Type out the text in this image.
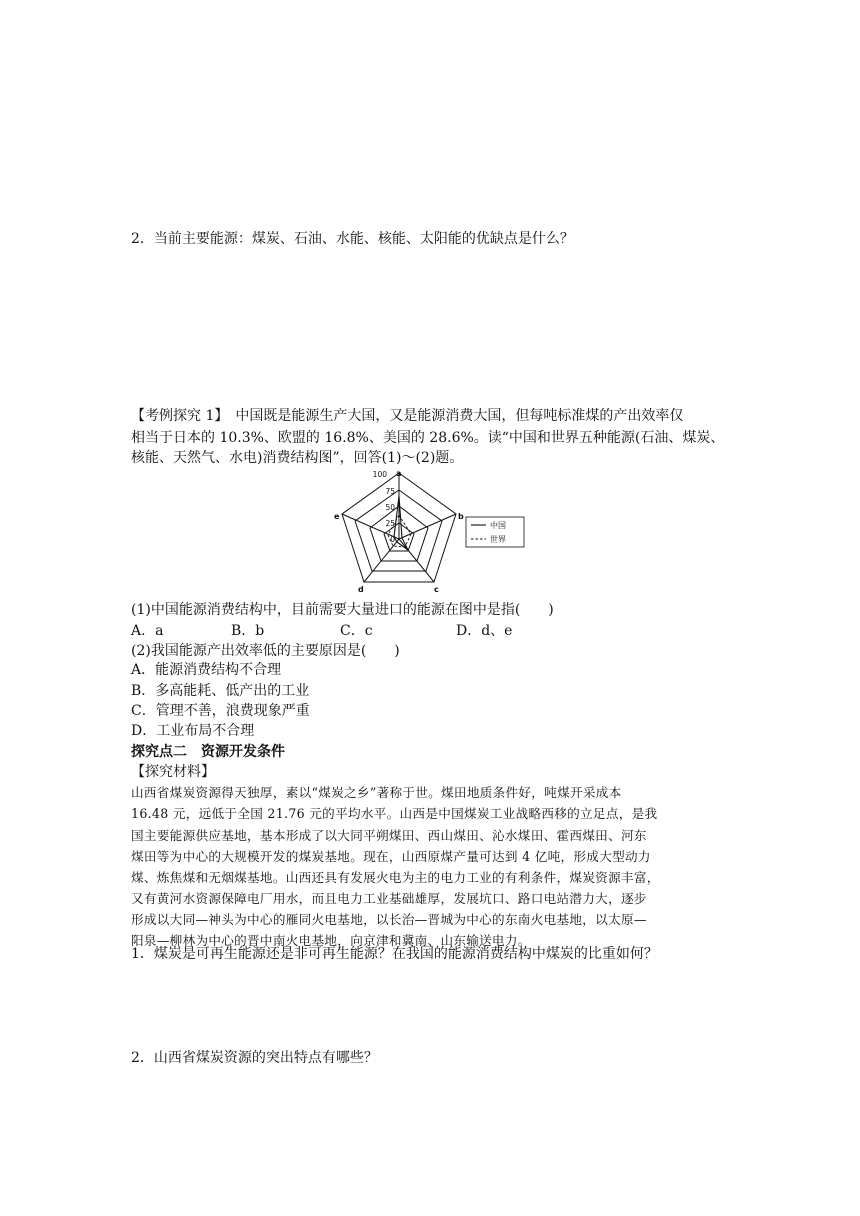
2．当前主要能源：煤炭、石油、水能、核能、太阳能的优缺点是什么？
【考例探究 1】　中国既是能源生产大国，又是能源消费大国，但每吨标准煤的产出效率仅
相当于日本的 10.3%、欧盟的 16.8%、美国的 28.6%。读“中国和世界五种能源(石油、煤炭、
核能、天然气、水电)消费结构图”，回答(1)～(2)题。
100
75
50
25
0
a
b
c
d
e
中国
世界
(1)中国能源消费结构中，目前需要大量进口的能源在图中是指(　　)
A．a	B．b	C．c	D．d、e
(2)我国能源产出效率低的主要原因是(　　)
A．能源消费结构不合理
B．多高能耗、低产出的工业
C．管理不善，浪费现象严重
D．工业布局不合理
探究点二　资源开发条件
【探究材料】
山西省煤炭资源得天独厚，素以“煤炭之乡”著称于世。煤田地质条件好，吨煤开采成本
16.48 元，远低于全国 21.76 元的平均水平。山西是中国煤炭工业战略西移的立足点，是我
国主要能源供应基地，基本形成了以大同平朔煤田、西山煤田、沁水煤田、霍西煤田、河东
煤田等为中心的大规模开发的煤炭基地。现在，山西原煤产量可达到 4 亿吨，形成大型动力
煤、炼焦煤和无烟煤基地。山西还具有发展火电为主的电力工业的有利条件，煤炭资源丰富，
又有黄河水资源保障电厂用水，而且电力工业基础雄厚，发展坑口、路口电站潜力大，逐步
形成以大同—神头为中心的雁同火电基地，以长治—晋城为中心的东南火电基地，以太原—
阳泉—柳林为中心的晋中南火电基地，向京津和冀南、山东输送电力。
1．煤炭是可再生能源还是非可再生能源？在我国的能源消费结构中煤炭的比重如何？
2．山西省煤炭资源的突出特点有哪些？
